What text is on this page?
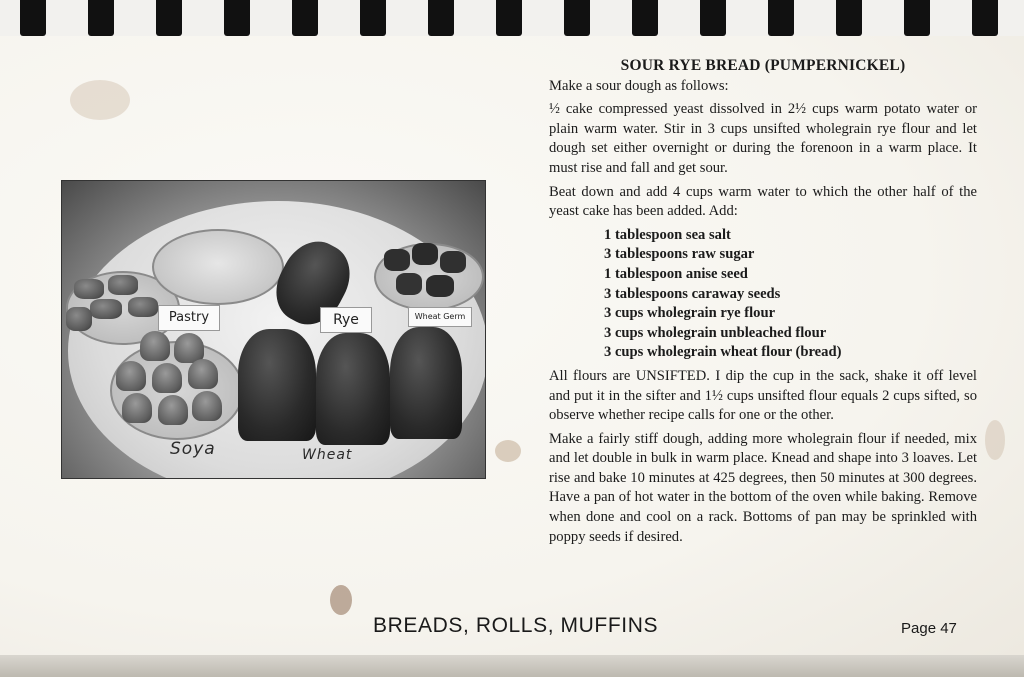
Pastry	Rye	Wheat Germ
Soya	Wheat
SOUR RYE BREAD (PUMPERNICKEL)

Make a sour dough as follows:

½ cake compressed yeast dissolved in 2½ cups warm potato water or plain warm water. Stir in 3 cups unsifted wholegrain rye flour and let dough set either overnight or during the forenoon in a warm place. It must rise and fall and get sour.

Beat down and add 4 cups warm water to which the other half of the yeast cake has been added. Add:

1 tablespoon sea salt
3 tablespoons raw sugar
1 tablespoon anise seed
3 tablespoons caraway seeds
3 cups wholegrain rye flour
3 cups wholegrain unbleached flour
3 cups wholegrain wheat flour (bread)

All flours are UNSIFTED. I dip the cup in the sack, shake it off level and put it in the sifter and 1½ cups unsifted flour equals 2 cups sifted, so observe whether recipe calls for one or the other.

Make a fairly stiff dough, adding more wholegrain flour if needed, mix and let double in bulk in warm place. Knead and shape into 3 loaves. Let rise and bake 10 minutes at 425 degrees, then 50 minutes at 300 degrees. Have a pan of hot water in the bottom of the oven while baking. Remove when done and cool on a rack. Bottoms of pan may be sprinkled with poppy seeds if desired.

BREADS, ROLLS, MUFFINS	Page 47
